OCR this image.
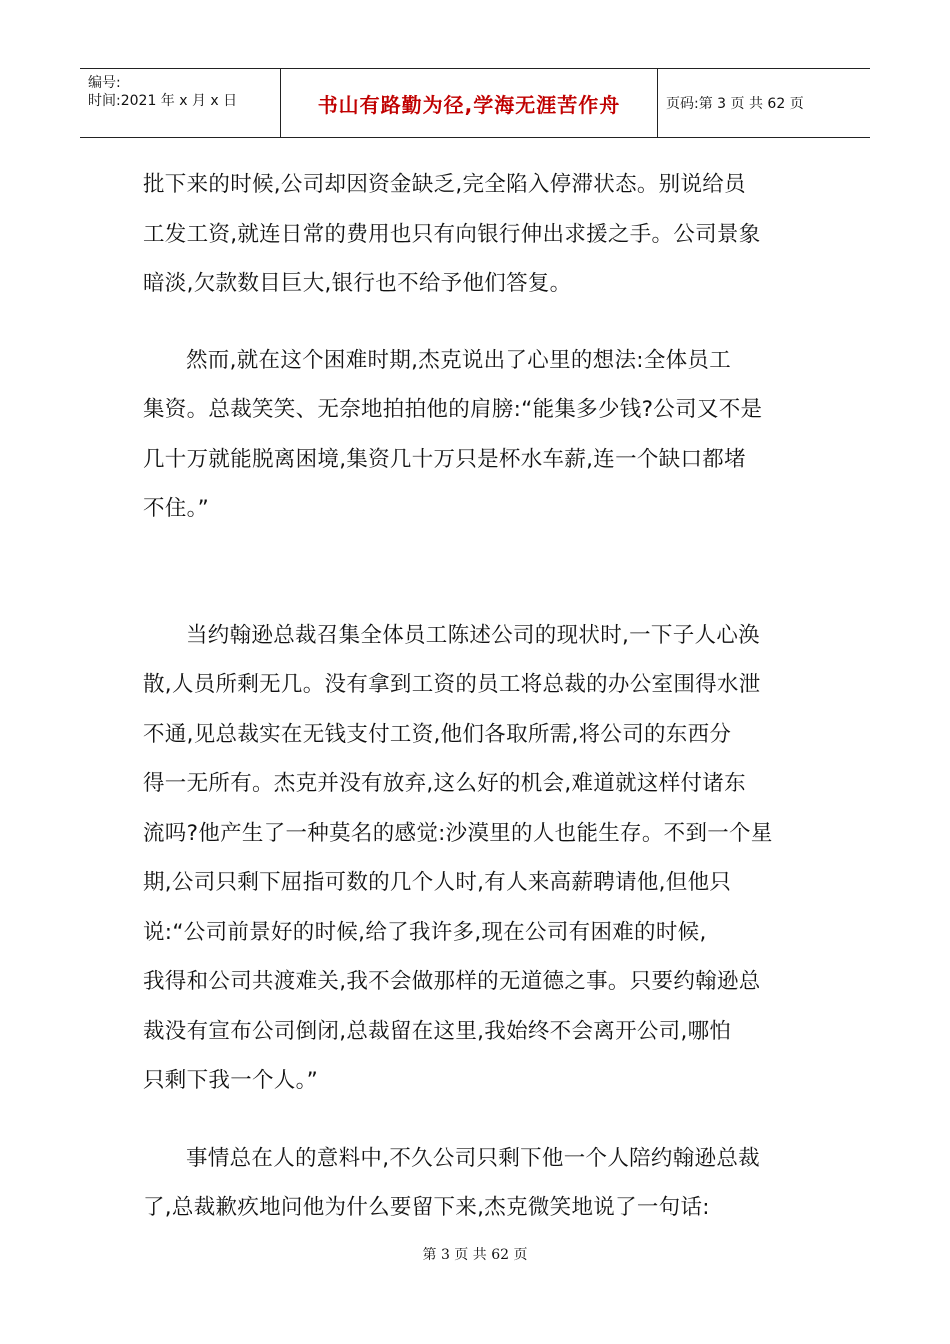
编号:
时间:2021 年 x 月 x 日	书山有路勤为径,学海无涯苦作舟	页码:第 3 页 共 62 页

批下来的时候,公司却因资金缺乏,完全陷入停滞状态。别说给员
工发工资,就连日常的费用也只有向银行伸出求援之手。公司景象
暗淡,欠款数目巨大,银行也不给予他们答复。

然而,就在这个困难时期,杰克说出了心里的想法:全体员工
集资。总裁笑笑、无奈地拍拍他的肩膀:“能集多少钱?公司又不是
几十万就能脱离困境,集资几十万只是杯水车薪,连一个缺口都堵
不住。”

当约翰逊总裁召集全体员工陈述公司的现状时,一下子人心涣
散,人员所剩无几。没有拿到工资的员工将总裁的办公室围得水泄
不通,见总裁实在无钱支付工资,他们各取所需,将公司的东西分
得一无所有。杰克并没有放弃,这么好的机会,难道就这样付诸东
流吗?他产生了一种莫名的感觉:沙漠里的人也能生存。不到一个星
期,公司只剩下屈指可数的几个人时,有人来高薪聘请他,但他只
说:“公司前景好的时候,给了我许多,现在公司有困难的时候,
我得和公司共渡难关,我不会做那样的无道德之事。只要约翰逊总
裁没有宣布公司倒闭,总裁留在这里,我始终不会离开公司,哪怕
只剩下我一个人。”

事情总在人的意料中,不久公司只剩下他一个人陪约翰逊总裁
了,总裁歉疚地问他为什么要留下来,杰克微笑地说了一句话:

第 3 页 共 62 页
